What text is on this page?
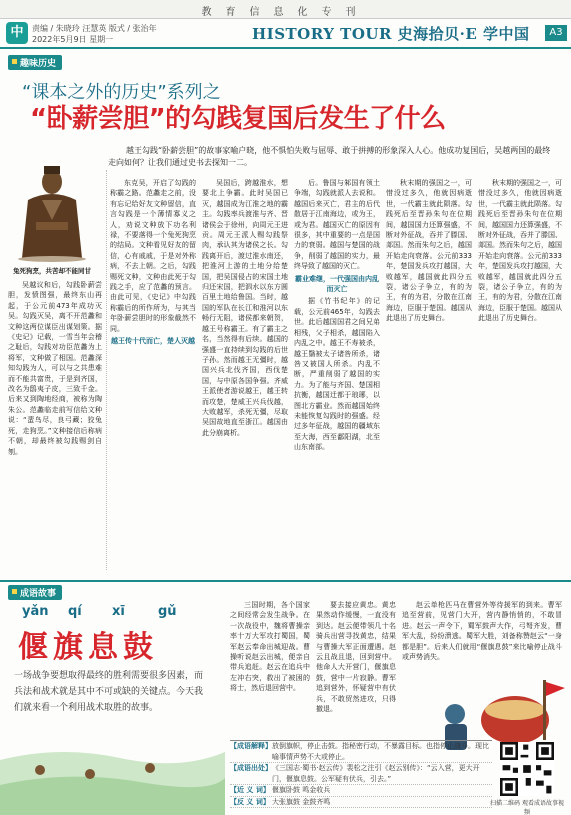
教育信息化专刊
中	责编 / 朱晓玲 汪慧英 版式 / 张治年
2022年5月9日 星期一	HISTORY TOUR 史海拾贝·E 学中国	A3
趣味历史
“课本之外的历史”系列之
“卧薪尝胆”的勾践复国后发生了什么
兔死狗烹，共苦却不能同甘
越王勾践“卧薪尝胆”的故事家喻户晓，他不惧怕失败与屈辱、敢于拼搏的形象深入人心。他成功复国后，吴越两国的最终走向如何？让我们通过史书去探知一二。

吴越议和后，勾践卧薪尝胆，发愤图强，最终东山再起，于公元前473年成功灭吴。勾践灭吴，离不开范蠡和文种这两位谋臣出谋划策。据《史记》记载，一雪当年会稽之耻后，勾践对功臣范蠡为上将军，文种做了相国。范蠡深知勾践为人，可以与之共患难而不能共富贵，于是到齐国，改名为鸱夷子皮，三致千金。后来又到陶地经商，被称为陶朱公。范蠡临走前写信给文种说：“蜚鸟尽，良弓藏；狡兔死，走狗烹。”文种接信后称病不朝，却最终被勾践赐剑自刎。

东克吴，开启了勾践的称霸之路。范蠡走之前，没有忘记给好友文种留信，直言勾践是一个薄情寡义之人，劝说文种放下功名利禄，不要落得一个兔死狗烹的结局。文种看见好友的留信，心有戚戚，于是对外称病，不去上朝。之后，勾践赐死文种，文种由此死于勾践之手，应了范蠡的预言。由此可见，《史记》中勾践称霸后的所作所为，与其当年卧薪尝胆时的形象截然不同。

越王传十代而亡，楚人灭越

吴国后，跨越淮水，想要北上争霸。此时吴国已灭，越国成为江淮之地的霸主。勾践率兵渡淮与齐、晋诸侯会于徐州，向周元王进贡。周元王派人赐勾践祭肉，承认其为诸侯之长。勾践离开后，渡过淮水南还，把淮河上游的土地分给楚国，把吴国侵占的宋国土地归还宋国，把泗水以东方圆百里土地给鲁国。当时，越国的军队在长江和淮河以东畅行无阻，诸侯都来朝贺，越王号称霸王。有了霸主之名，当然得有后续。越国的强盛一直持续到勾践的后世子孙。然而越王无彊时，越国兴兵北伐齐国，西伐楚国，与中原各国争强。齐威王派使者游说越王，越王转而攻楚，楚威王兴兵伐越，大败越军，杀死无彊，尽取吴国故地直至浙江。越国由此分崩离析。

后。鲁国与邾国有领土争端，勾践就派人去说和。越国后来灭亡，君主的后代散居于江南海边，或为王，或为君。越国灭亡的原因有很多，其中重要的一点是国力的衰弱。越国与楚国的战争，削弱了越国的实力，最终导致了越国的灭亡。

霸业难继，一代强国由内乱而灭亡

据《竹书纪年》的记载，公元前465年，勾践去世。此后越国国君之间兄弟相残，父子相杀，越国陷入内乱之中。越王不寿被杀，越王翳被太子诸咎所杀，诸咎又被国人所杀。内乱不断，严重削弱了越国的实力。为了能与齐国、楚国相抗衡，越国迁都于琅琊，以图北方霸业。然而越国始终未能恢复勾践时的强盛。经过多年征战，越国的疆域东至大海，西至鄱阳湖，北至山东南部。

秋末期的强国之一，可惜没过多久，他就因病逝世，一代霸主就此陨落。勾践死后至晋孙朱句在位期间，越国国力还算强盛，不断对外征战，吞并了滕国、郯国。然而朱句之后，越国开始走向衰落。公元前333年，楚国发兵攻打越国，大败越军，越国就此四分五裂，诸公子争立，有的为王，有的为君，分散在江南海边，臣服于楚国。越国从此退出了历史舞台。

秋末期的强国之一，可惜没过多久，他就因病逝世，一代霸主就此陨落。勾践死后至晋孙朱句在位期间，越国国力还算强盛，不断对外征战，吞并了滕国、郯国。然而朱句之后，越国开始走向衰落。公元前333年，楚国发兵攻打越国，大败越军，越国就此四分五裂，诸公子争立，有的为王，有的为君，分散在江南海边，臣服于楚国。越国从此退出了历史舞台。

成语故事
yǎn qí xī	gǔ
偃旗息鼓
一场战争要想取得最终的胜利需要很多因素，而兵法和战术就是其中不可或缺的关键点。今天我们就来看一个利用战术取胜的故事。

三国时期，各个国家之间经常会发生战争。在一次战役中，魏将曹操亲率十万大军攻打蜀国，蜀军赵云奉命出城迎战。曹操听说赵云出城，便亲自带兵追赶。赵云在追兵中左冲右突，救出了被困的将士，然后退回营中。

要去接应黄忠。黄忠果然动作缓慢，一直没有到达。赵云便带领几十名骑兵出营寻找黄忠，结果与曹操大军正面遭遇。赵云且战且退，回到营中。他命人大开营门，偃旗息鼓，营中一片寂静。曹军追到营外，怀疑营中有伏兵，不敢贸然进攻，只得撤退。

赵云单枪匹马在曹营外等待援军的到来。曹军追至营前，见营门大开，营内静悄悄的，不敢冒进。赵云一声令下，蜀军鼓声大作，弓弩齐发，曹军大乱，纷纷溃逃。蜀军大胜，刘备称赞赵云“一身都是胆”。后来人们就用“偃旗息鼓”来比喻停止战斗或声势消失。

【成语解释】 放倒旗帜，停止击鼓。指秘密行动，不暴露目标。也指停止战斗。现比喻事情声势不大或停止。
【成语出处】 《三国志·蜀书·赵云传》裴松之注引《赵云别传》：“云入营，更大开门，偃旗息鼓。公军疑有伏兵，引去。”
【近 义 词】 偃旗卧鼓 鸣金收兵
【反 义 词】 大张旗鼓 金鼓齐鸣	扫描二维码 观看成语故事视频
